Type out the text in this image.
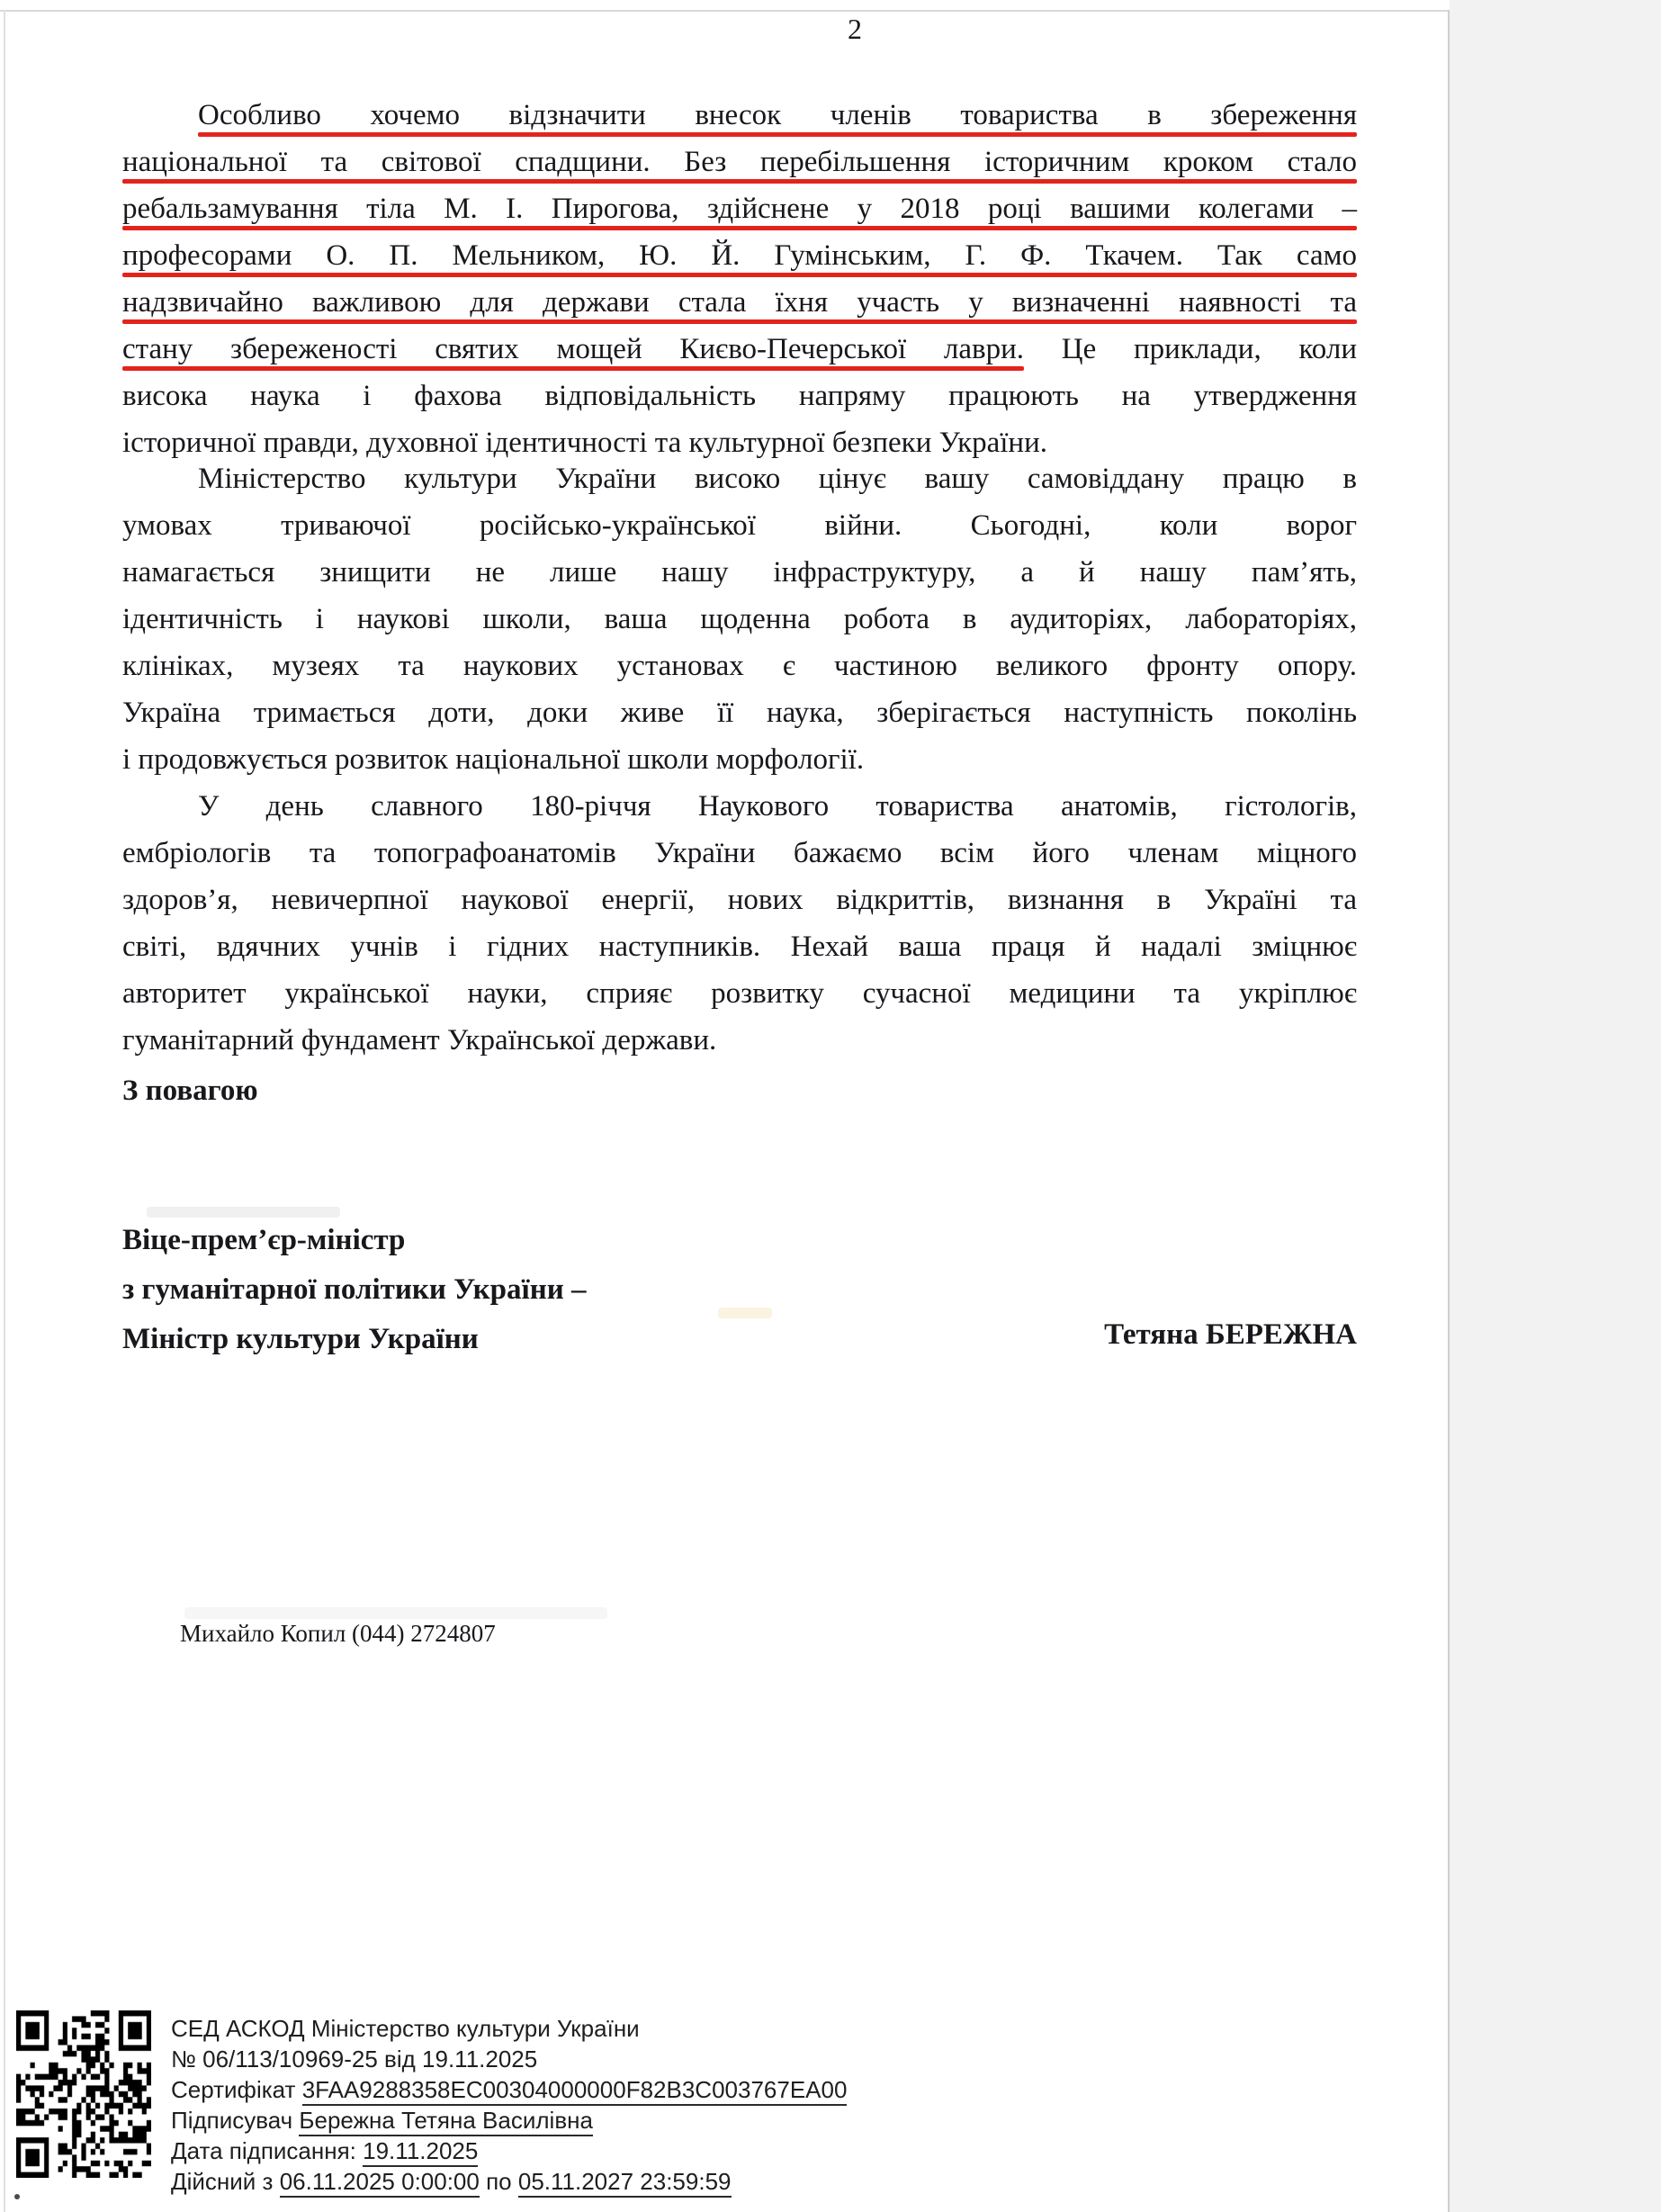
2
Особливо хочемо відзначити внесок членів товариства в збереження
національної та світової спадщини. Без перебільшення історичним кроком стало
ребальзамування тіла М. І. Пирогова, здійснене у 2018 році вашими колегами –
професорами О. П. Мельником, Ю. Й. Гумінським, Г. Ф. Ткачем. Так само
надзвичайно важливою для держави стала їхня участь у визначенні наявності та
стану збереженості святих мощей Києво-Печерської лаври. Це приклади, коли
висока наука і фахова відповідальність напряму працюють на утвердження
історичної правди, духовної ідентичності та культурної безпеки України.
Міністерство культури України високо цінує вашу самовіддану працю в
умовах триваючої російсько-української війни. Сьогодні, коли ворог
намагається знищити не лише нашу інфраструктуру, а й нашу пам’ять,
ідентичність і наукові школи, ваша щоденна робота в аудиторіях, лабораторіях,
клініках, музеях та наукових установах є частиною великого фронту опору.
Україна тримається доти, доки живе її наука, зберігається наступність поколінь
і продовжується розвиток національної школи морфології.
У день славного 180-річчя Наукового товариства анатомів, гістологів,
ембріологів та топографоанатомів України бажаємо всім його членам міцного
здоров’я, невичерпної наукової енергії, нових відкриттів, визнання в Україні та
світі, вдячних учнів і гідних наступників. Нехай ваша праця й надалі зміцнює
авторитет української науки, сприяє розвитку сучасної медицини та укріплює
гуманітарний фундамент Української держави.
З повагою
Віце-прем’єр-міністр
з гуманітарної політики України –
Міністр культури України	Тетяна БЕРЕЖНА
Михайло Копил (044) 2724807
СЕД АСКОД Міністерство культури України
№ 06/113/10969-25 від 19.11.2025
Сертифікат 3FAA9288358EC00304000000F82B3C003767EA00
Підписувач Бережна Тетяна Василівна
Дата підписання: 19.11.2025
Дійсний з 06.11.2025 0:00:00 по 05.11.2027 23:59:59
